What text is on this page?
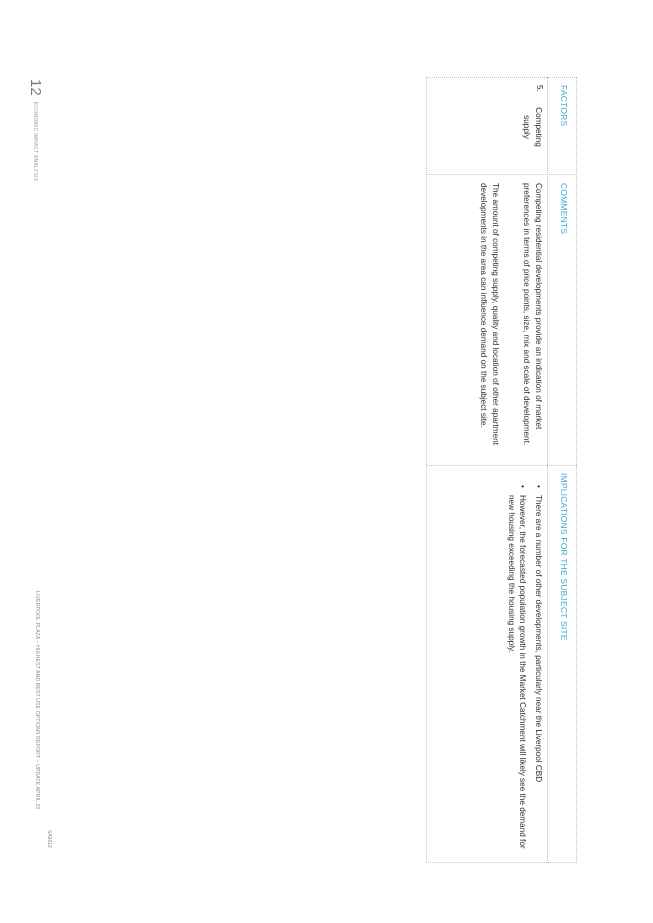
FACTORS
COMMENTS
IMPLICATIONS FOR THE SUBJECT SITE
5.
Competing supply
Competing residential developments provide an indication of market preferences in terms of price points, size, mix and scale of development.
The amount of competing supply, quality and location of other apartment developments in the area can influence demand on the subject site.
• There are a number of other developments, particularly near the Liverpool CBD
• However, the forecasted population growth in the Market Catchment will likely see the demand for new housing exceeding the housing supply.
12ECONOMIC IMPACT ANALYSIS
LIVERPOOL PLAZA – HIGHEST AND BEST USE OPTIONS REPORT – UPDATE APRIL 20
SA6612
